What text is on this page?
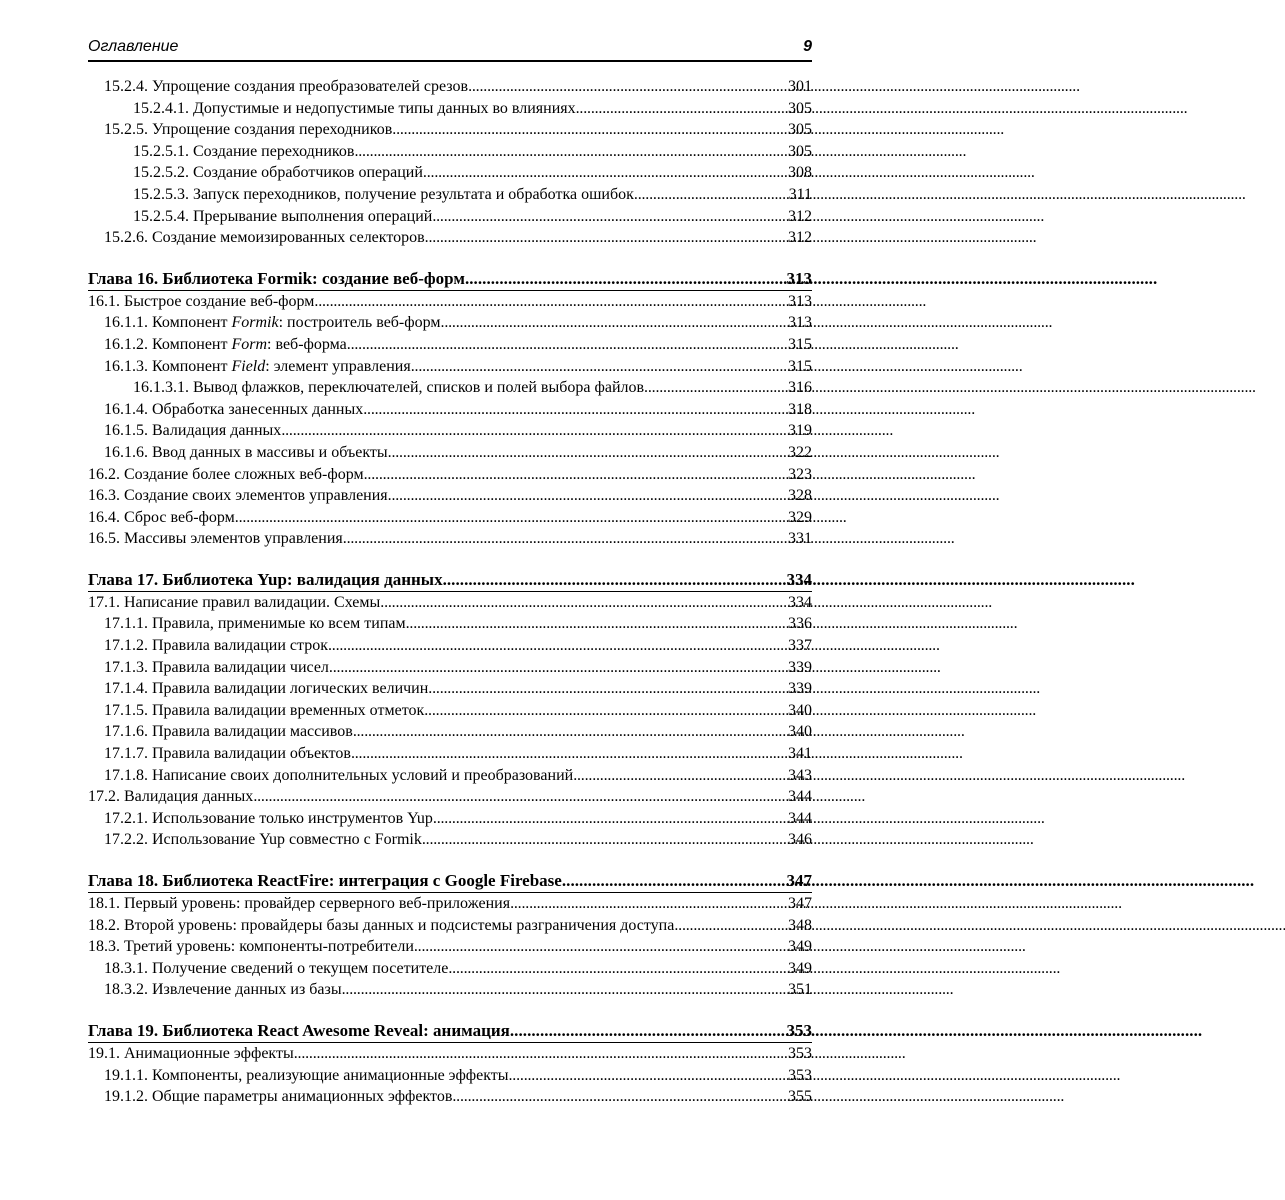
Оглавление	9
15.2.4. Упрощение создания преобразователей срезов . . .	301
15.2.4.1. Допустимые и недопустимые типы данных во влияниях . . .	305
15.2.5. Упрощение создания переходников . . .	305
15.2.5.1. Создание переходников . . .	305
15.2.5.2. Создание обработчиков операций . . .	308
15.2.5.3. Запуск переходников, получение результата и обработка ошибок . . .	311
15.2.5.4. Прерывание выполнения операций . . .	312
15.2.6. Создание мемоизированных селекторов . . .	312
Глава 16. Библиотека Formik: создание веб-форм . . .	313
16.1. Быстрое создание веб-форм . . .	313
16.1.1. Компонент Formik: построитель веб-форм . . .	313
16.1.2. Компонент Form: веб-форма . . .	315
16.1.3. Компонент Field: элемент управления . . .	315
16.1.3.1. Вывод флажков, переключателей, списков и полей выбора файлов . . .	316
16.1.4. Обработка занесенных данных . . .	318
16.1.5. Валидация данных . . .	319
16.1.6. Ввод данных в массивы и объекты . . .	322
16.2. Создание более сложных веб-форм . . .	323
16.3. Создание своих элементов управления . . .	328
16.4. Сброс веб-форм . . .	329
16.5. Массивы элементов управления . . .	331
Глава 17. Библиотека Yup: валидация данных . . .	334
17.1. Написание правил валидации. Схемы . . .	334
17.1.1. Правила, применимые ко всем типам . . .	336
17.1.2. Правила валидации строк . . .	337
17.1.3. Правила валидации чисел . . .	339
17.1.4. Правила валидации логических величин . . .	339
17.1.5. Правила валидации временных отметок . . .	340
17.1.6. Правила валидации массивов . . .	340
17.1.7. Правила валидации объектов . . .	341
17.1.8. Написание своих дополнительных условий и преобразований . . .	343
17.2. Валидация данных . . .	344
17.2.1. Использование только инструментов Yup . . .	344
17.2.2. Использование Yup совместно с Formik . . .	346
Глава 18. Библиотека ReactFire: интеграция с Google Firebase . . .	347
18.1. Первый уровень: провайдер серверного веб-приложения . . .	347
18.2. Второй уровень: провайдеры базы данных и подсистемы разграничения доступа . . .	348
18.3. Третий уровень: компоненты-потребители . . .	349
18.3.1. Получение сведений о текущем посетителе . . .	349
18.3.2. Извлечение данных из базы . . .	351
Глава 19. Библиотека React Awesome Reveal: анимация . . .	353
19.1. Анимационные эффекты . . .	353
19.1.1. Компоненты, реализующие анимационные эффекты . . .	353
19.1.2. Общие параметры анимационных эффектов . . .	355
